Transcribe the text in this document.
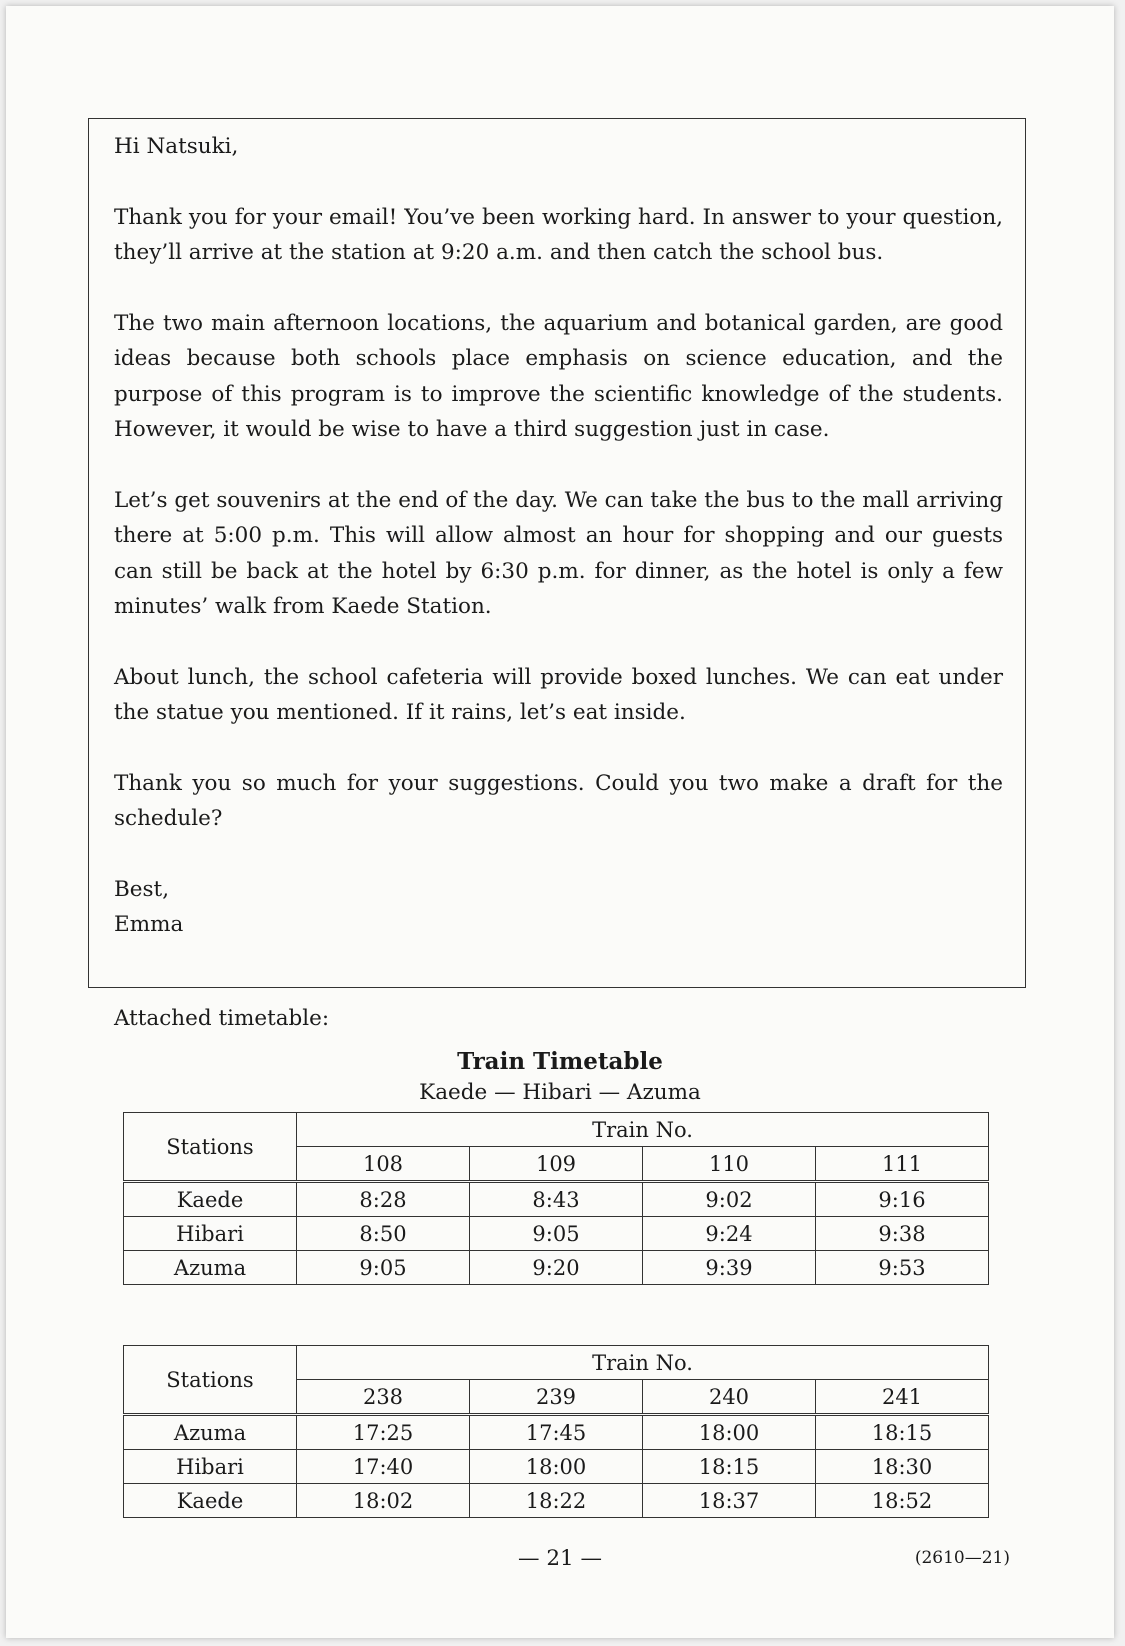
Hi Natsuki,

Thank you for your email! You’ve been working hard. In answer to your question, they’ll arrive at the station at 9:20 a.m. and then catch the school bus.

The two main afternoon locations, the aquarium and botanical garden, are good ideas because both schools place emphasis on science education, and the purpose of this program is to improve the scientific knowledge of the students. However, it would be wise to have a third suggestion just in case.

Let’s get souvenirs at the end of the day. We can take the bus to the mall arriving there at 5:00 p.m. This will allow almost an hour for shopping and our guests can still be back at the hotel by 6:30 p.m. for dinner, as the hotel is only a few minutes’ walk from Kaede Station.

About lunch, the school cafeteria will provide boxed lunches. We can eat under the statue you mentioned. If it rains, let’s eat inside.

Thank you so much for your suggestions. Could you two make a draft for the schedule?

Best,

Emma

Attached timetable:
Train Timetable
Kaede — Hibari — Azuma
Stations	Train No.			
	108	109	110	111
Kaede	8:28	8:43	9:02	9:16
Hibari	8:50	9:05	9:24	9:38
Azuma	9:05	9:20	9:39	9:53
Stations	Train No.			
	238	239	240	241
Azuma	17:25	17:45	18:00	18:15
Hibari	17:40	18:00	18:15	18:30
Kaede	18:02	18:22	18:37	18:52
— 21 —	(2610—21)
